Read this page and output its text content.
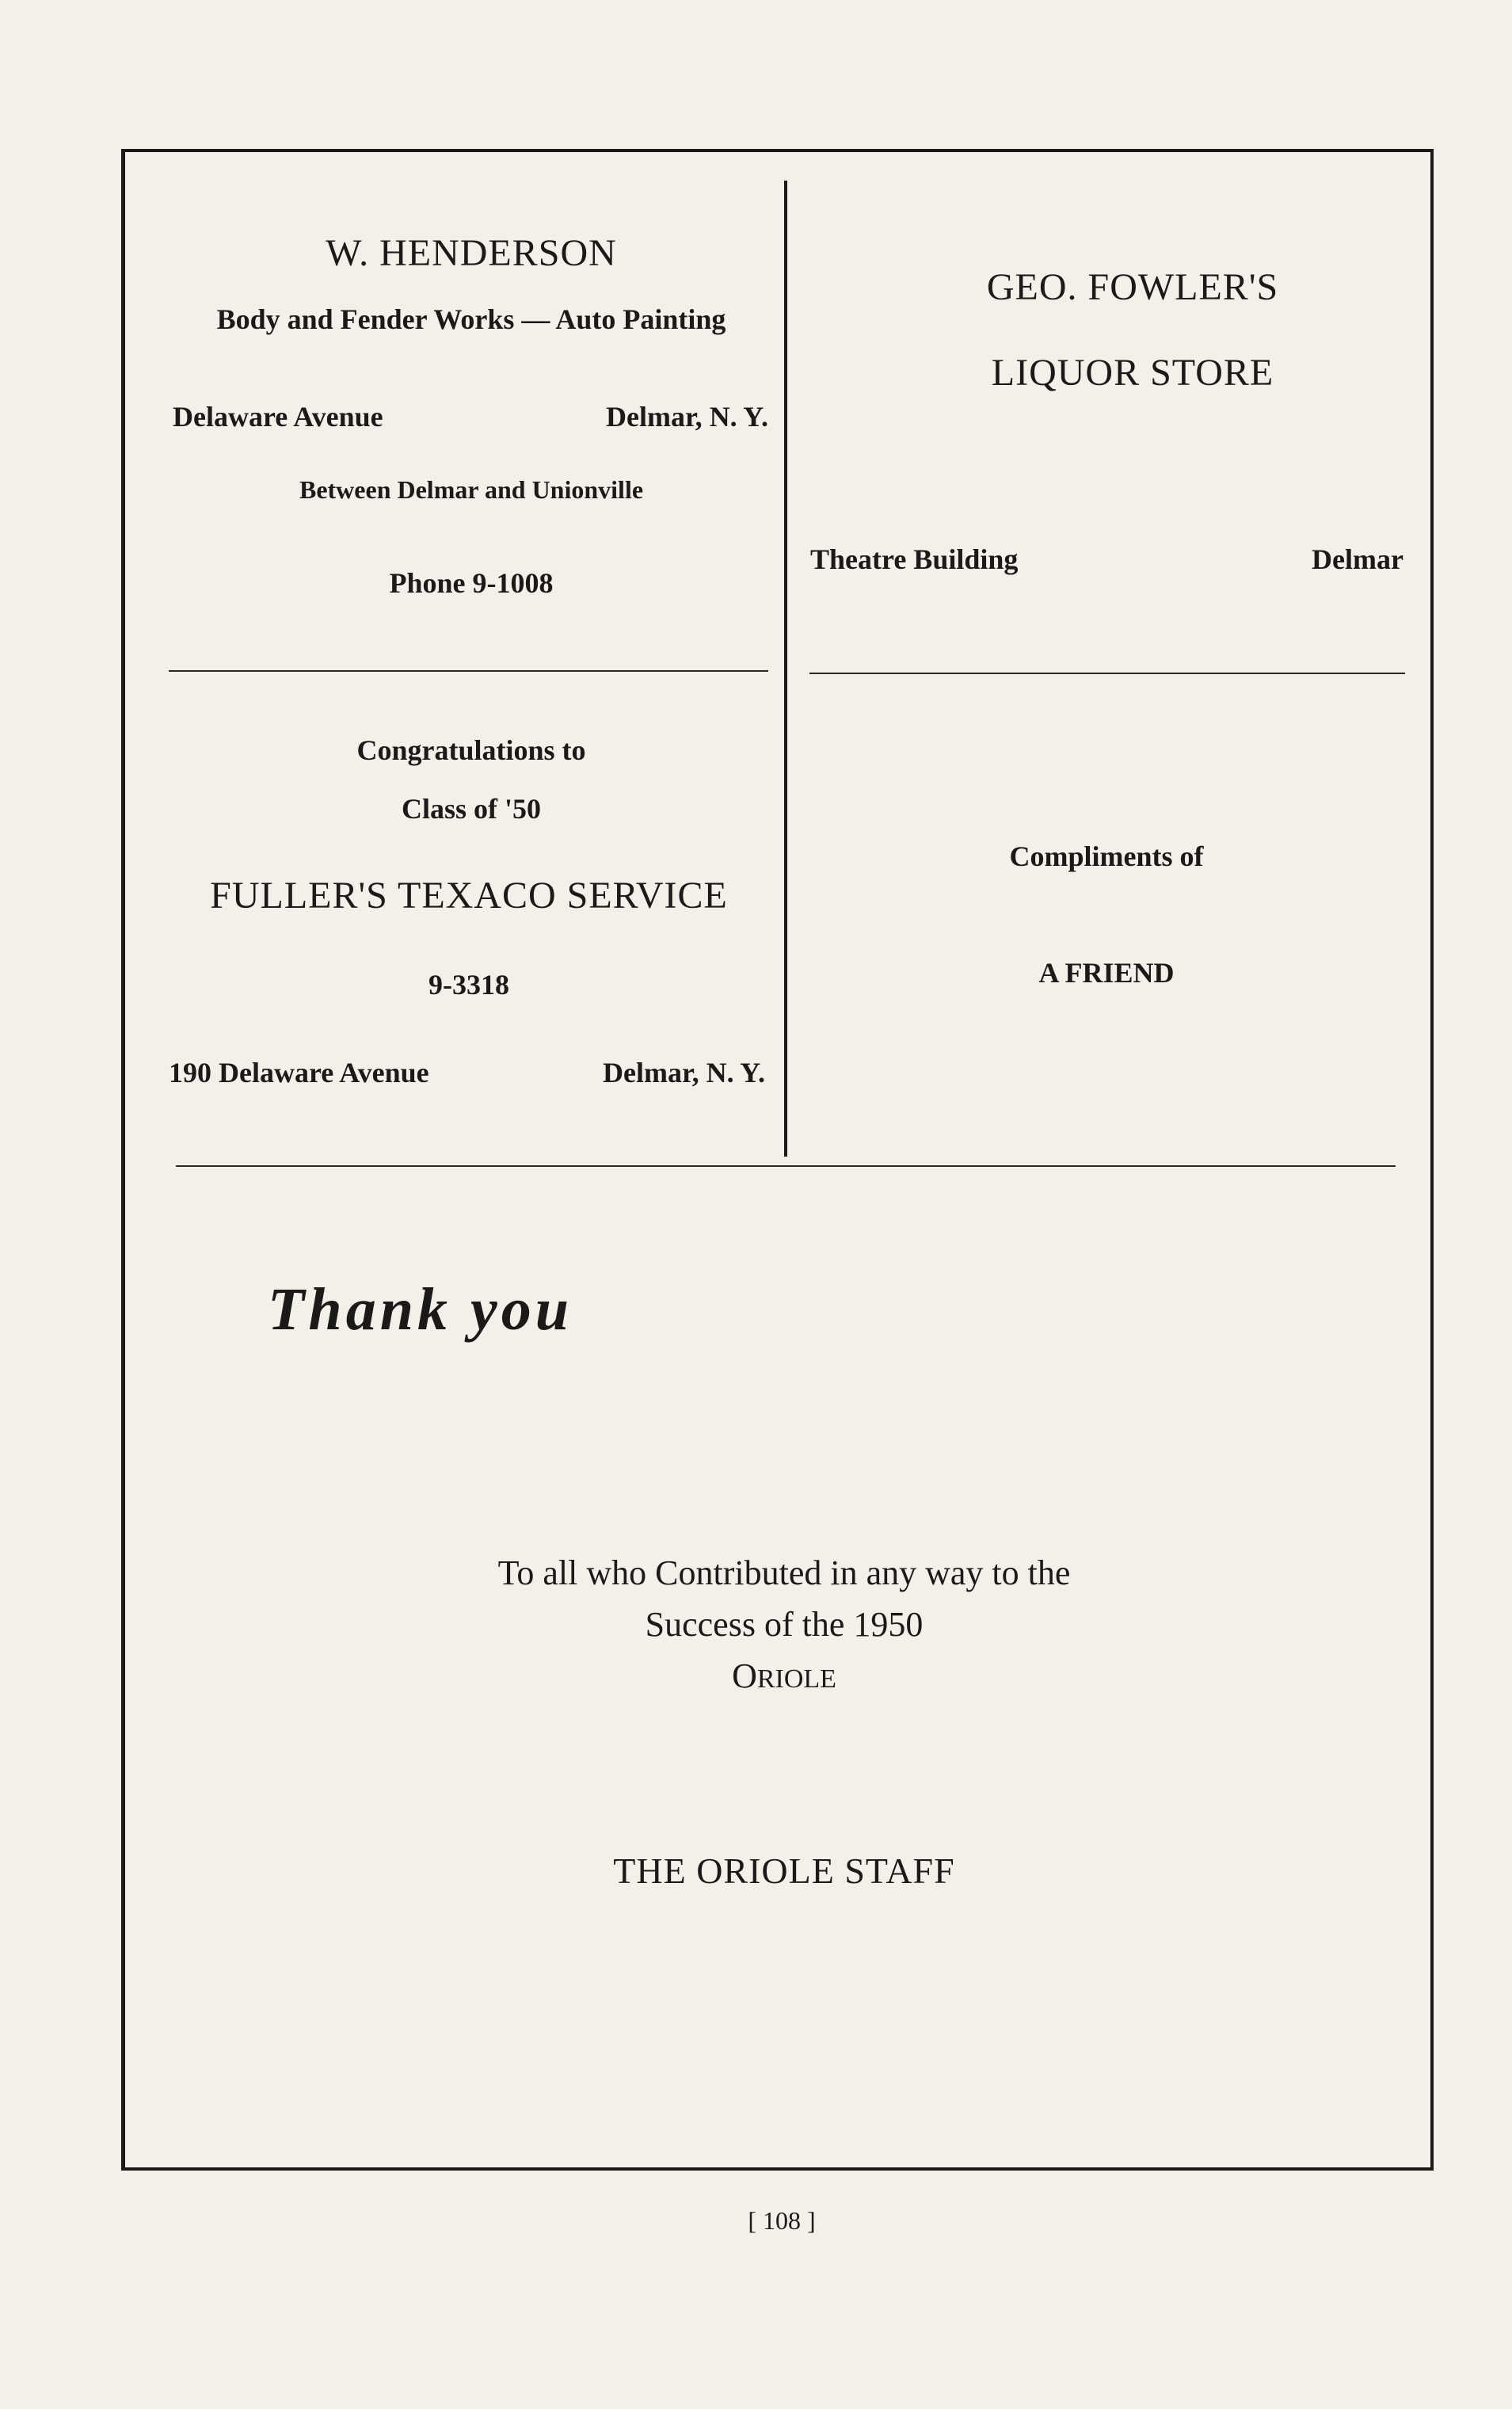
W. HENDERSON
Body and Fender Works — Auto Painting
Delaware Avenue	Delmar, N. Y.
Between Delmar and Unionville
Phone 9-1008
GEO. FOWLER'S
LIQUOR STORE
Theatre Building	Delmar
Congratulations to
Class of '50
FULLER'S TEXACO SERVICE
9-3318
190 Delaware Avenue	Delmar, N. Y.
Compliments of
A FRIEND
Thank you
To all who Contributed in any way to the
Success of the 1950
ORIOLE
THE ORIOLE STAFF
[ 108 ]
